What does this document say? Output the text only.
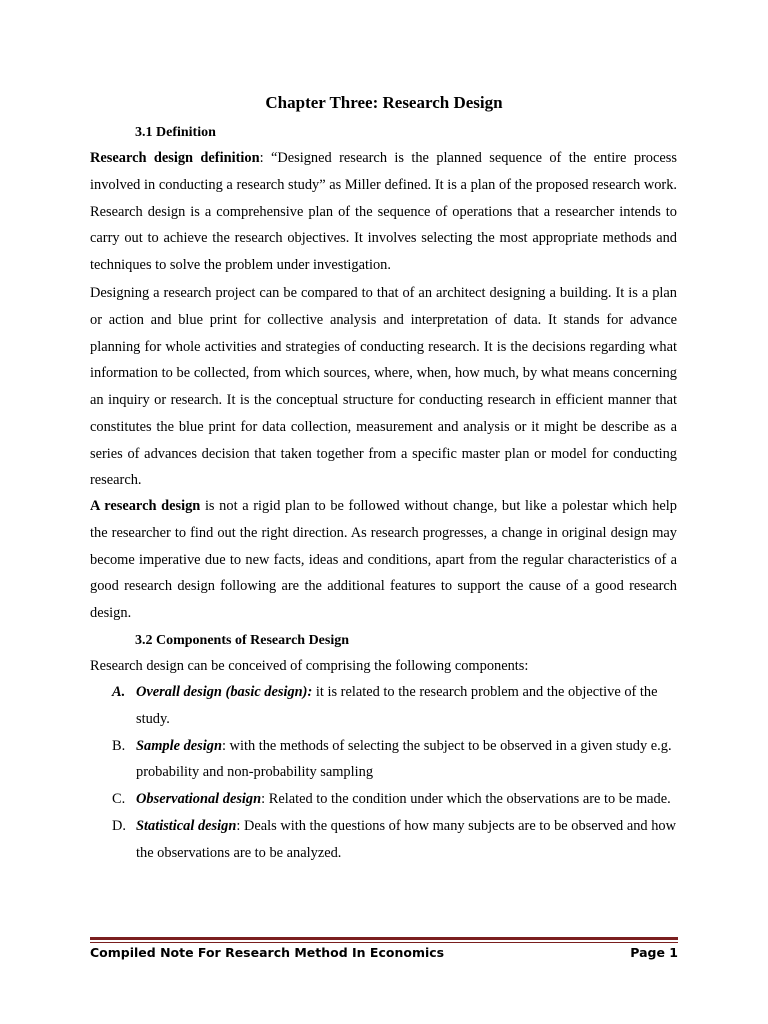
Chapter Three: Research Design
3.1 Definition
Research design definition: “Designed research is the planned sequence of the entire process involved in conducting a research study” as Miller defined. It is a plan of the proposed research work. Research design is a comprehensive plan of the sequence of operations that a researcher intends to carry out to achieve the research objectives. It involves selecting the most appropriate methods and techniques to solve the problem under investigation.
Designing a research project can be compared to that of an architect designing a building. It is a plan or action and blue print for collective analysis and interpretation of data. It stands for advance planning for whole activities and strategies of conducting research. It is the decisions regarding what information to be collected, from which sources, where, when, how much, by what means concerning an inquiry or research. It is the conceptual structure for conducting research in efficient manner that constitutes the blue print for data collection, measurement and analysis or it might be describe as a series of advances decision that taken together from a specific master plan or model for conducting research.
A research design is not a rigid plan to be followed without change, but like a polestar which help the researcher to find out the right direction. As research progresses, a change in original design may become imperative due to new facts, ideas and conditions, apart from the regular characteristics of a good research design following are the additional features to support the cause of a good research design.
3.2 Components of Research Design
Research design can be conceived of comprising the following components:
A. Overall design (basic design): it is related to the research problem and the objective of the study.
B. Sample design: with the methods of selecting the subject to be observed in a given study e.g. probability and non-probability sampling
C. Observational design: Related to the condition under which the observations are to be made.
D. Statistical design: Deals with the questions of how many subjects are to be observed and how the observations are to be analyzed.
Compiled Note For Research Method In Economics	Page 1
